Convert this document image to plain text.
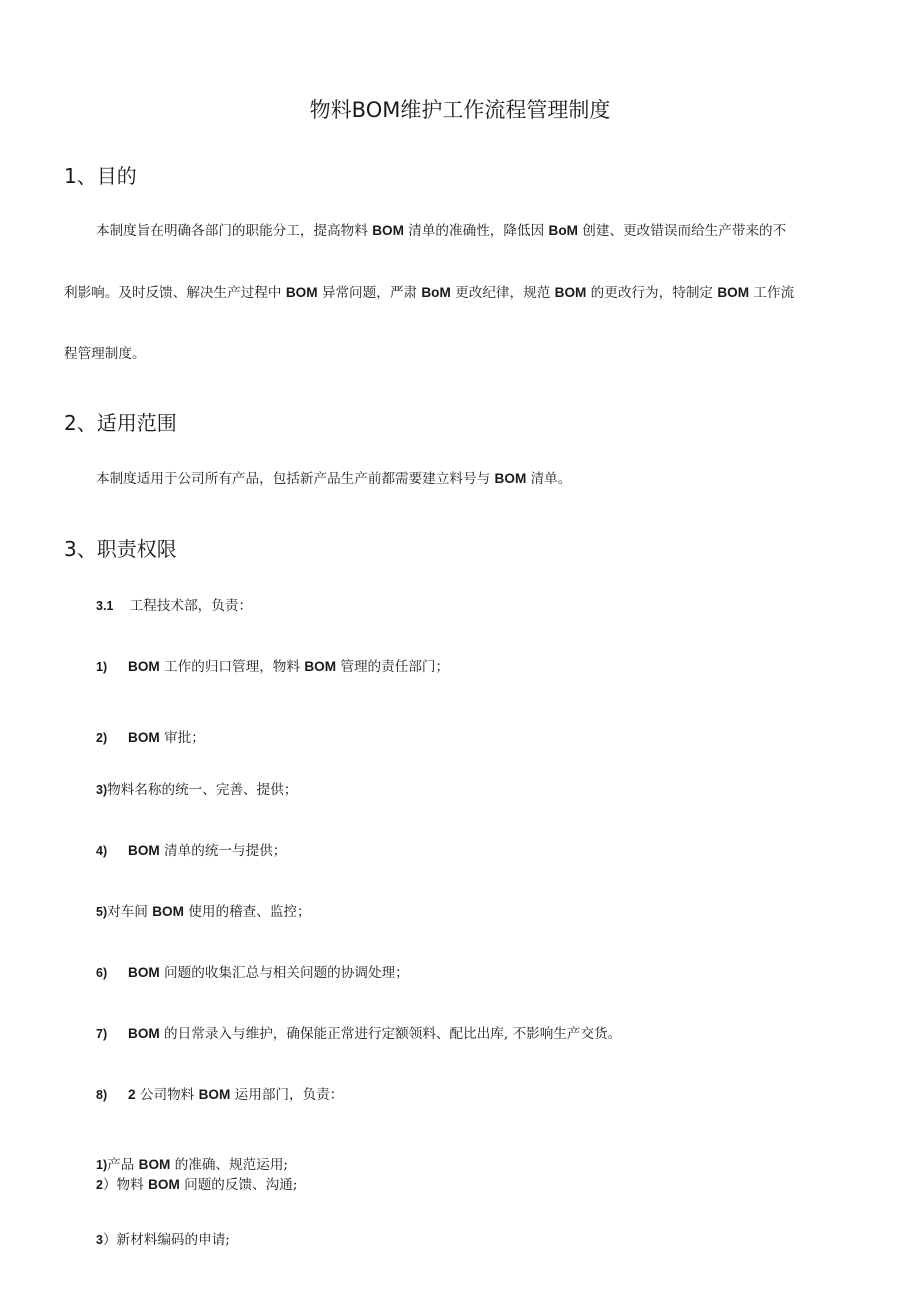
物料BOM维护工作流程管理制度
1、目的
本制度旨在明确各部门的职能分工，提高物料 BOM 清单的准确性，降低因 BoM 创建、更改错误而给生产带来的不
利影响。及时反馈、解决生产过程中 BOM 异常问题，严肃 BoM 更改纪律，规范 BOM 的更改行为，特制定 BOM 工作流
程管理制度。
2、适用范围
本制度适用于公司所有产品，包括新产品生产前都需要建立料号与 BOM 清单。
3、职责权限
3.1 工程技术部，负责：
1) BOM 工作的归口管理，物料 BOM 管理的责任部门；
2) BOM 审批；
3)物料名称的统一、完善、提供；
4) BOM 清单的统一与提供；
5)对车间 BOM 使用的稽查、监控；
6) BOM 问题的收集汇总与相关问题的协调处理；
7) BOM 的日常录入与维护，确保能正常进行定额领料、配比出库, 不影响生产交货。
8) 2 公司物料 BOM 运用部门，负责：
1)产品 BOM 的准确、规范运用;
2）物料 BOM 问题的反馈、沟通;
3）新材料编码的申请;
